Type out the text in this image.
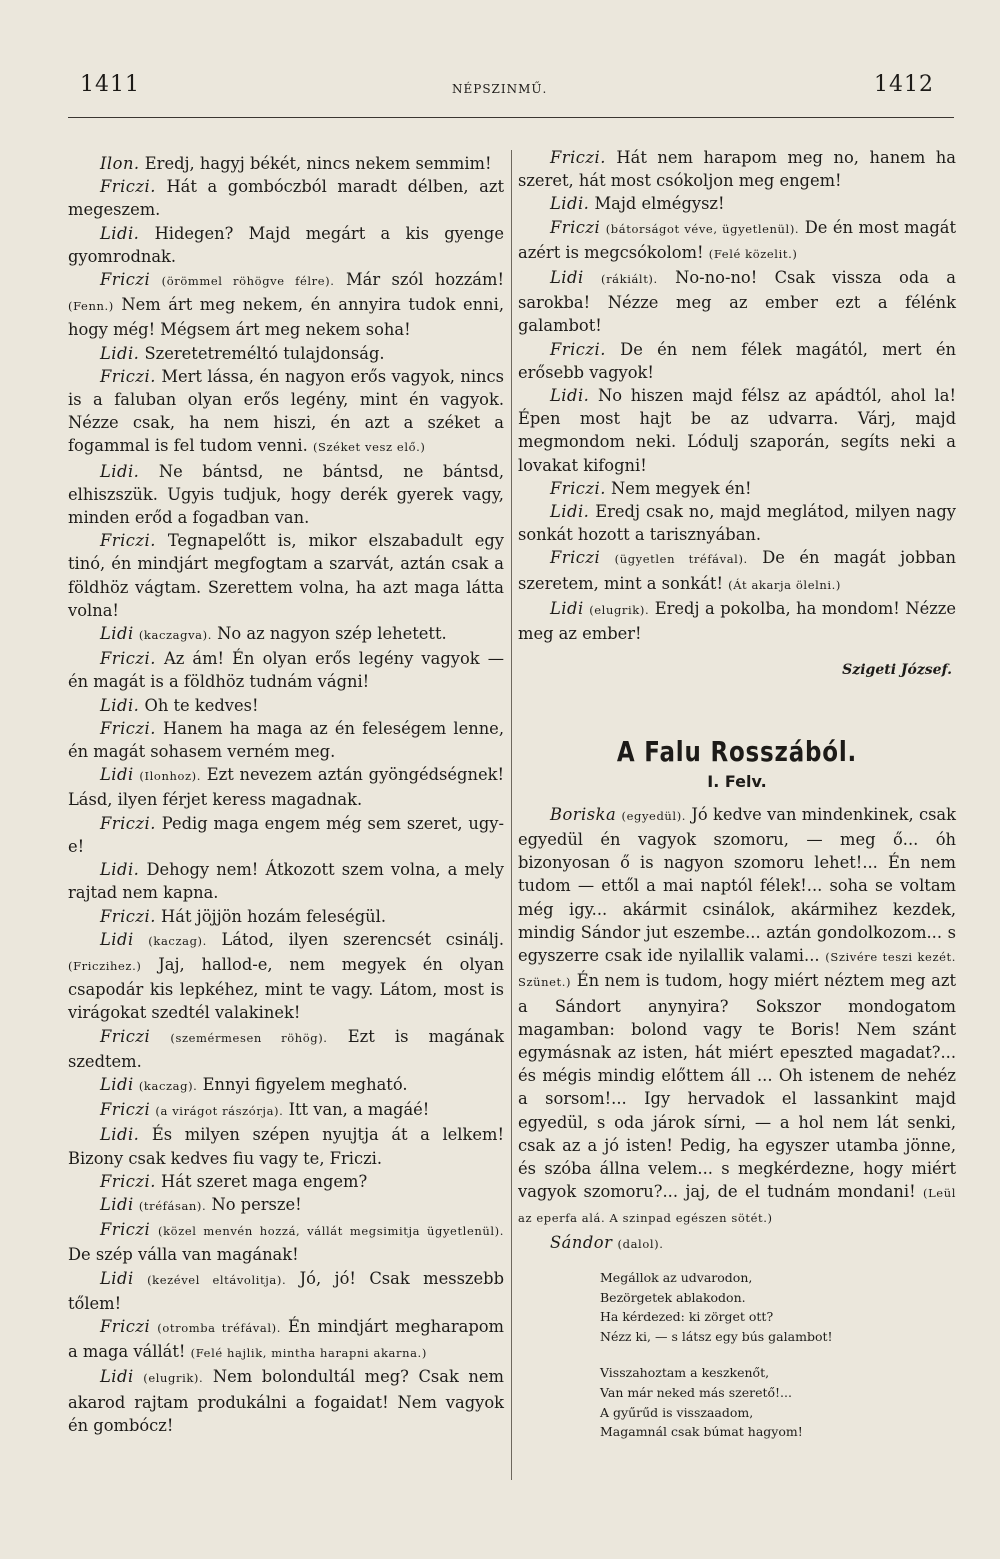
1411	NÉPSZINMŰ.	1412

Ilon. Eredj, hagyj békét, nincs nekem semmim!

Friczi. Hát a gombóczból maradt délben, azt megeszem.

Lidi. Hidegen? Majd megárt a kis gyenge gyomrodnak.

Friczi (örömmel röhögve félre). Már szól hozzám! (Fenn.) Nem árt meg nekem, én annyira tudok enni, hogy még! Mégsem árt meg nekem soha!

Lidi. Szeretetreméltó tulajdonság.

Friczi. Mert lássa, én nagyon erős vagyok, nincs is a faluban olyan erős legény, mint én vagyok. Nézze csak, ha nem hiszi, én azt a széket a fogammal is fel tudom venni. (Széket vesz elő.)

Lidi. Ne bántsd, ne bántsd, ne bántsd, elhiszszük. Ugyis tudjuk, hogy derék gyerek vagy, minden erőd a fogadban van.

Friczi. Tegnapelőtt is, mikor elszabadult egy tinó, én mindjárt megfogtam a szarvát, aztán csak a földhöz vágtam. Szerettem volna, ha azt maga látta volna!

Lidi (kaczagva). No az nagyon szép lehetett.

Friczi. Az ám! Én olyan erős legény vagyok — én magát is a földhöz tudnám vágni!

Lidi. Oh te kedves!

Friczi. Hanem ha maga az én feleségem lenne, én magát sohasem verném meg.

Lidi (Ilonhoz). Ezt nevezem aztán gyöngédségnek! Lásd, ilyen férjet keress magadnak.

Friczi. Pedig maga engem még sem szeret, ugy-e!

Lidi. Dehogy nem! Átkozott szem volna, a mely rajtad nem kapna.

Friczi. Hát jöjjön hozám feleségül.

Lidi (kaczag). Látod, ilyen szerencsét csinálj. (Friczihez.) Jaj, hallod-e, nem megyek én olyan csapodár kis lepkéhez, mint te vagy. Látom, most is virágokat szedtél valakinek!

Friczi (szemérmesen röhög). Ezt is magának szedtem.

Lidi (kaczag). Ennyi figyelem megható.

Friczi (a virágot rászórja). Itt van, a magáé!

Lidi. És milyen szépen nyujtja át a lelkem! Bizony csak kedves fiu vagy te, Friczi.

Friczi. Hát szeret maga engem?

Lidi (tréfásan). No persze!

Friczi (közel menvén hozzá, vállát megsimitja ügyetlenül). De szép válla van magának!

Lidi (kezével eltávolitja). Jó, jó! Csak messzebb tőlem!

Friczi (otromba tréfával). Én mindjárt megharapom a maga vállát! (Felé hajlik, mintha harapni akarna.)

Lidi (elugrik). Nem bolondultál meg? Csak nem akarod rajtam produkálni a fogaidat! Nem vagyok én gombócz!

Friczi. Hát nem harapom meg no, hanem ha szeret, hát most csókoljon meg engem!

Lidi. Majd elmégysz!

Friczi (bátorságot véve, ügyetlenül). De én most magát azért is megcsókolom! (Felé közelit.)

Lidi (rákiált). No-no-no! Csak vissza oda a sarokba! Nézze meg az ember ezt a félénk galambot!

Friczi. De én nem félek magától, mert én erősebb vagyok!

Lidi. No hiszen majd félsz az apádtól, ahol la! Épen most hajt be az udvarra. Várj, majd megmondom neki. Lódulj szaporán, segíts neki a lovakat kifogni!

Friczi. Nem megyek én!

Lidi. Eredj csak no, majd meglátod, milyen nagy sonkát hozott a tarisznyában.

Friczi (ügyetlen tréfával). De én magát jobban szeretem, mint a sonkát! (Át akarja ölelni.)

Lidi (elugrik). Eredj a pokolba, ha mondom! Nézze meg az ember!

Szigeti József.
A Falu Rosszából.
I. Felv.

Boriska (egyedül). Jó kedve van mindenkinek, csak egyedül én vagyok szomoru, — meg ő... óh bizonyosan ő is nagyon szomoru lehet!... Én nem tudom — ettől a mai naptól félek!... soha se voltam még igy... akármit csinálok, akármihez kezdek, mindig Sándor jut eszembe... aztán gondolkozom... s egyszerre csak ide nyilallik valami... (Szivére teszi kezét. Szünet.) Én nem is tudom, hogy miért néztem meg azt a Sándort anynyira? Sokszor mondogatom magamban: bolond vagy te Boris! Nem szánt egymásnak az isten, hát miért epeszted magadat?... és mégis mindig előttem áll ... Oh istenem de nehéz a sorsom!... Igy hervadok el lassankint majd egyedül, s oda járok sírni, — a hol nem lát senki, csak az a jó isten! Pedig, ha egyszer utamba jönne, és szóba állna velem... s megkérdezne, hogy miért vagyok szomoru?... jaj, de el tudnám mondani! (Leül az eperfa alá. A szinpad egészen sötét.)

Sándor (dalol).

Megállok az udvarodon,
Bezörgetek ablakodon.
Ha kérdezed: ki zörget ott?
Nézz ki, — s látsz egy bús galambot!
Visszahoztam a keszkenőt,
Van már neked más szerető!...
A gyűrűd is visszaadom,
Magamnál csak búmat hagyom!
